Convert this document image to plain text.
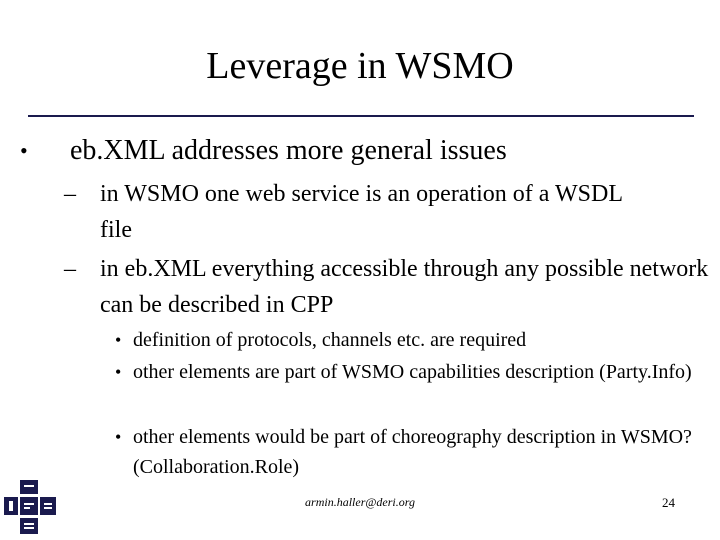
Leverage in WSMO
• eb.XML addresses more general issues
– in WSMO one web service is an operation of a WSDL file
– in eb.XML everything accessible through any possible network can be described in CPP
• definition of protocols, channels etc. are required
• other elements are part of WSMO capabilities description (Party.Info)
• other elements would be part of choreography description in WSMO? (Collaboration.Role)
armin.haller@deri.org	24
